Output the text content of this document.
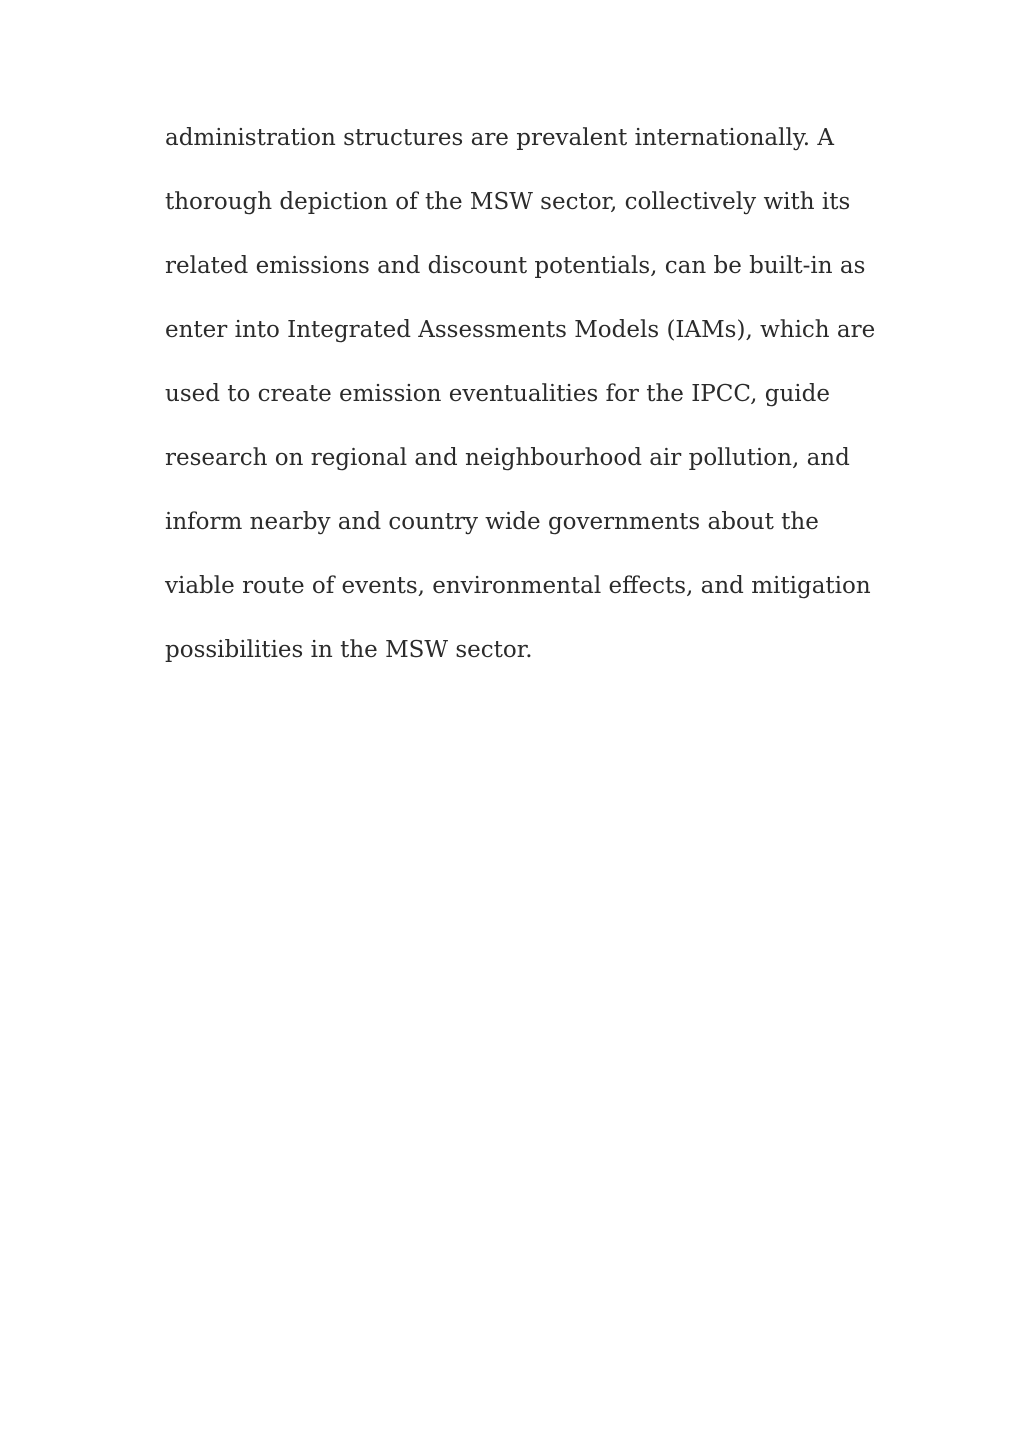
administration structures are prevalent internationally. A
thorough depiction of the MSW sector, collectively with its
related emissions and discount potentials, can be built-in as
enter into Integrated Assessments Models (IAMs), which are
used to create emission eventualities for the IPCC, guide
research on regional and neighbourhood air pollution, and
inform nearby and country wide governments about the
viable route of events, environmental effects, and mitigation
possibilities in the MSW sector.
